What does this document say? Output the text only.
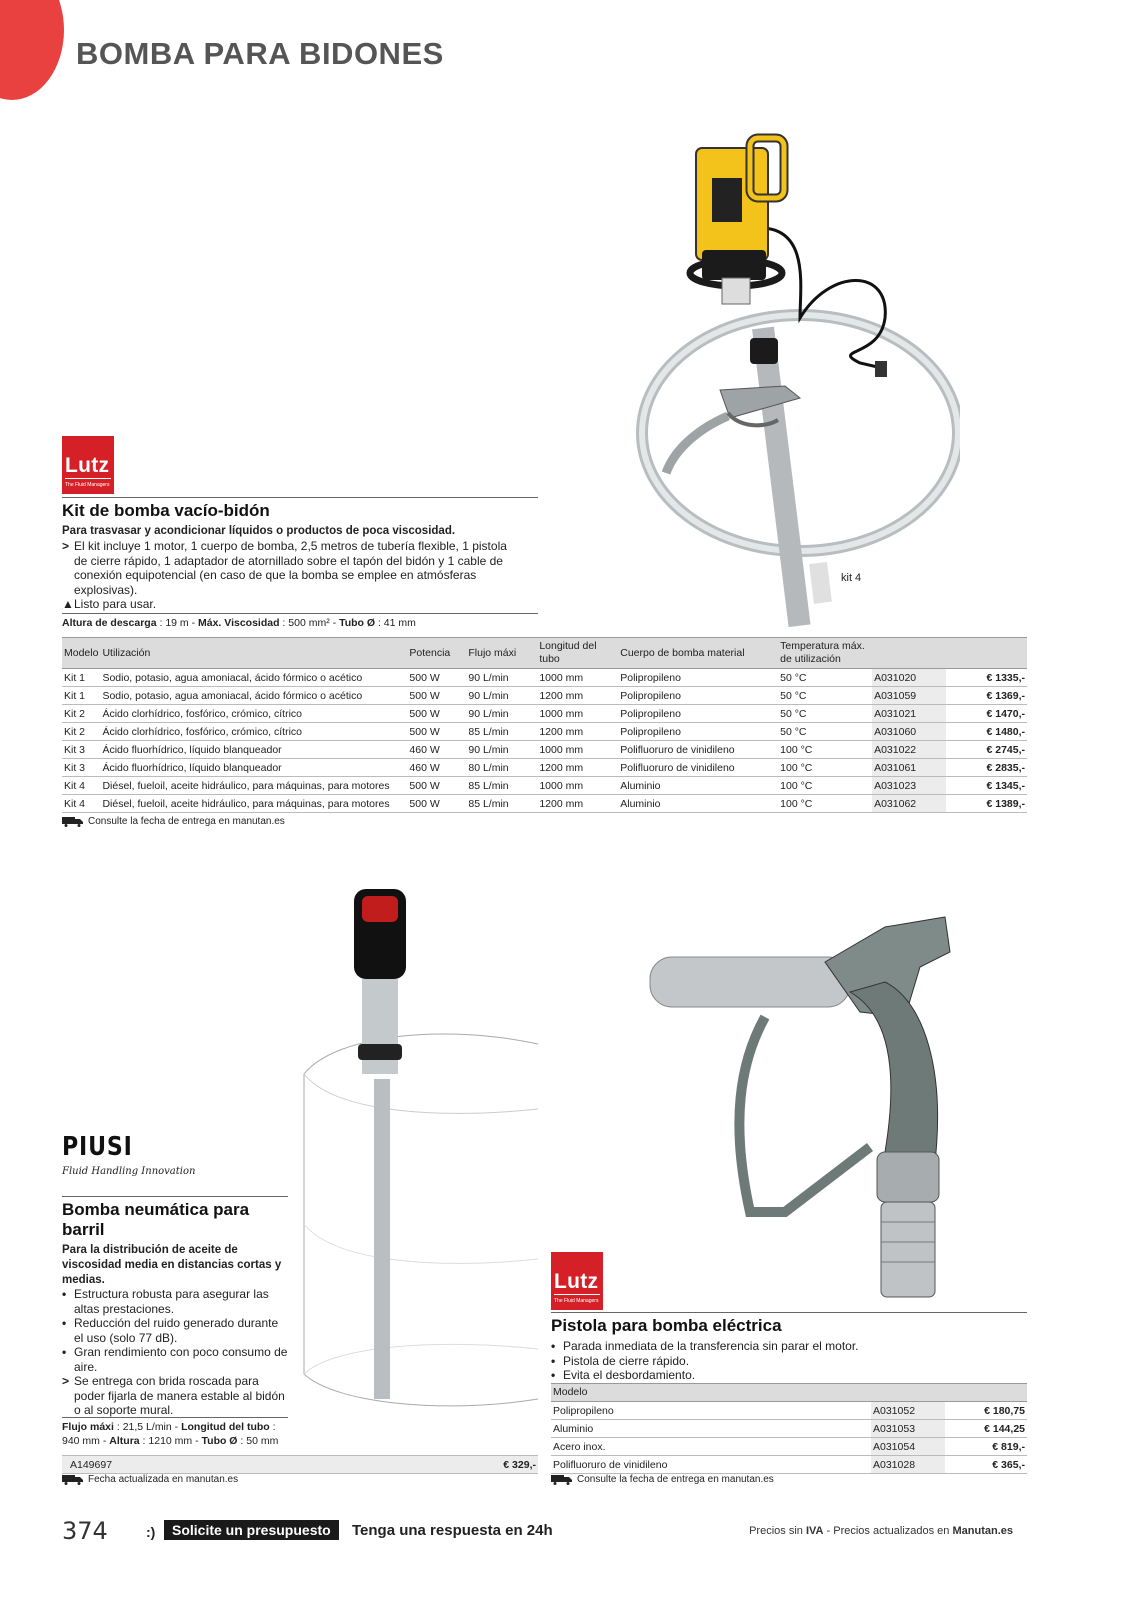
BOMBA PARA BIDONES
kit 4
Lutz
The Fluid Managers
Kit de bomba vacío-bidón
Para trasvasar y acondicionar líquidos o productos de poca viscosidad.
> El kit incluye 1 motor, 1 cuerpo de bomba, 2,5 metros de tubería flexible, 1 pistola de cierre rápido, 1 adaptador de atornillado sobre el tapón del bidón y 1 cable de conexión equipotencial (en caso de que la bomba se emplee en atmósferas explosivas).
▲ Listo para usar.
Altura de descarga : 19 m - Máx. Viscosidad : 500 mm² - Tubo Ø : 41 mm
Modelo	Utilización	Potencia	Flujo máxi	Longitud del tubo	Cuerpo de bomba material	Temperatura máx. de utilización		
Kit 1	Sodio, potasio, agua amoniacal, ácido fórmico o acético	500 W	90 L/min	1000 mm	Polipropileno	50 °C	A031020	€ 1335,-
Kit 1	Sodio, potasio, agua amoniacal, ácido fórmico o acético	500 W	90 L/min	1200 mm	Polipropileno	50 °C	A031059	€ 1369,-
Kit 2	Ácido clorhídrico, fosfórico, crómico, cítrico	500 W	90 L/min	1000 mm	Polipropileno	50 °C	A031021	€ 1470,-
Kit 2	Ácido clorhídrico, fosfórico, crómico, cítrico	500 W	85 L/min	1200 mm	Polipropileno	50 °C	A031060	€ 1480,-
Kit 3	Ácido fluorhídrico, líquido blanqueador	460 W	90 L/min	1000 mm	Polifluoruro de vinidileno	100 °C	A031022	€ 2745,-
Kit 3	Ácido fluorhídrico, líquido blanqueador	460 W	80 L/min	1200 mm	Polifluoruro de vinidileno	100 °C	A031061	€ 2835,-
Kit 4	Diésel, fueloil, aceite hidráulico, para máquinas, para motores	500 W	85 L/min	1000 mm	Aluminio	100 °C	A031023	€ 1345,-
Kit 4	Diésel, fueloil, aceite hidráulico, para máquinas, para motores	500 W	85 L/min	1200 mm	Aluminio	100 °C	A031062	€ 1389,-
Consulte la fecha de entrega en manutan.es
PIUSI
Fluid Handling Innovation
Bomba neumática para barril
Para la distribución de aceite de viscosidad media en distancias cortas y medias.
• Estructura robusta para asegurar las altas prestaciones.
• Reducción del ruido generado durante el uso (solo 77 dB).
• Gran rendimiento con poco consumo de aire.
> Se entrega con brida roscada para poder fijarla de manera estable al bidón o al soporte mural.
Flujo máxi : 21,5 L/min - Longitud del tubo : 940 mm - Altura : 1210 mm - Tubo Ø : 50 mm
A149697	€ 329,-
Fecha actualizada en manutan.es
Lutz
The Fluid Managers
Pistola para bomba eléctrica
• Parada inmediata de la transferencia sin parar el motor.
• Pistola de cierre rápido.
• Evita el desbordamiento.
Modelo		
Polipropileno	A031052	€ 180,75
Aluminio	A031053	€ 144,25
Acero inox.	A031054	€ 819,-
Polifluoruro de vinidileno	A031028	€ 365,-
Consulte la fecha de entrega en manutan.es
374	:)	Solicite un presupuesto	Tenga una respuesta en 24h	Precios sin IVA - Precios actualizados en Manutan.es
